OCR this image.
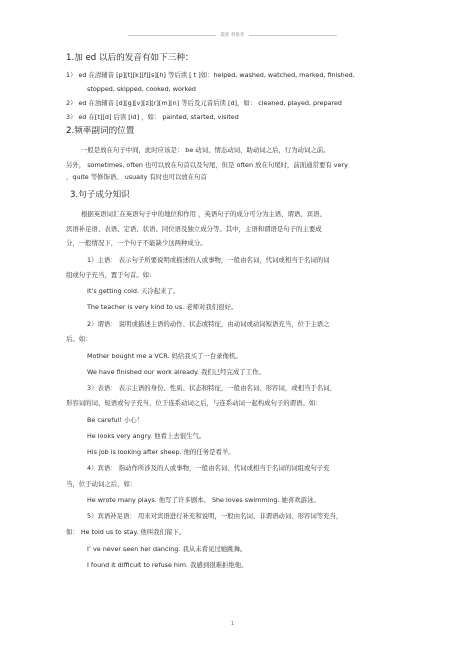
最新 料推荐
1.加 ed 以后的发音有如下三种：
1） ed 在清辅音 [p][t][k][f][s][h] 等后读 [ t ]如：helped, washed, watched, marked, finished,
stopped, skipped, cooked, worked
2） ed 在浊辅音 [d][g][v][z][r][m][n] 等后及元音后读 [d]，如： cleaned, played, prepared
3） ed 在[t][d] 后读 [id] ，如： painted, started, visited
2.频率副词的位置
一般是放在句子中间，此时应该是： be 动词、情态动词、助动词之后，行为动词之前。
另外， sometimes, often 也可以放在句首以及句尾，但是 often 放在句尾时，前面通常要有 very
，quite 等修饰语。 usually 有时也可以放在句首
3.句子成分知识
根据英语词汇在英语句子中的地位和作用 ，英语句子的成分可分为主语、谓语、宾语、
宾语补足语、表语、定语、状语、同位语及独立成分等。其中，主语和谓语是句子的主要成
分，一般情况下，一个句子不能缺少这两种成分。
1）主语： 表示句子所要说明或描述的人或事物，一般由名词，代词或相当于名词的词
组或句子充当，置于句首。如：
It’s getting cold. 天冷起来了。
The teacher is very kind to us. 老师对我们很好。
2）谓语： 说明或描述主语的动作、状态或特征，由动词或动词短语充当，位于主语之
后。如：
Mother bought me a VCR. 妈给我买了一台录像机。
We have finished our work already. 我们已经完成了工作。
3）表语： 表示主语的身份、性质、状态和特征，一般由名词、形容词，或相当于名词、
形容词的词、短语或句子充当，位于连系动词之后，与连系动词一起构成句子的谓语。如：
Be careful! 小心！
He looks very angry. 他看上去很生气。
His job is looking after sheep. 他的任务是看羊。
4）宾语： 指动作所涉及的人或事物，一般由名词、代词或相当于名词的词组或句子充
当，位于动词之后，如：
He wrote many plays. 他写了许多剧本。 She loves swimming. 她喜欢游泳。
5）宾语补足语： 用来对宾语进行补充和说明，一般由名词、非谓语动词、形容词等充当，
如： He told us to stay. 他叫我们留下。
I’ ve never seen her dancing. 我从未看见过她跳舞。
I found it difficult to refuse him. 我感到很难拒绝他。
1
